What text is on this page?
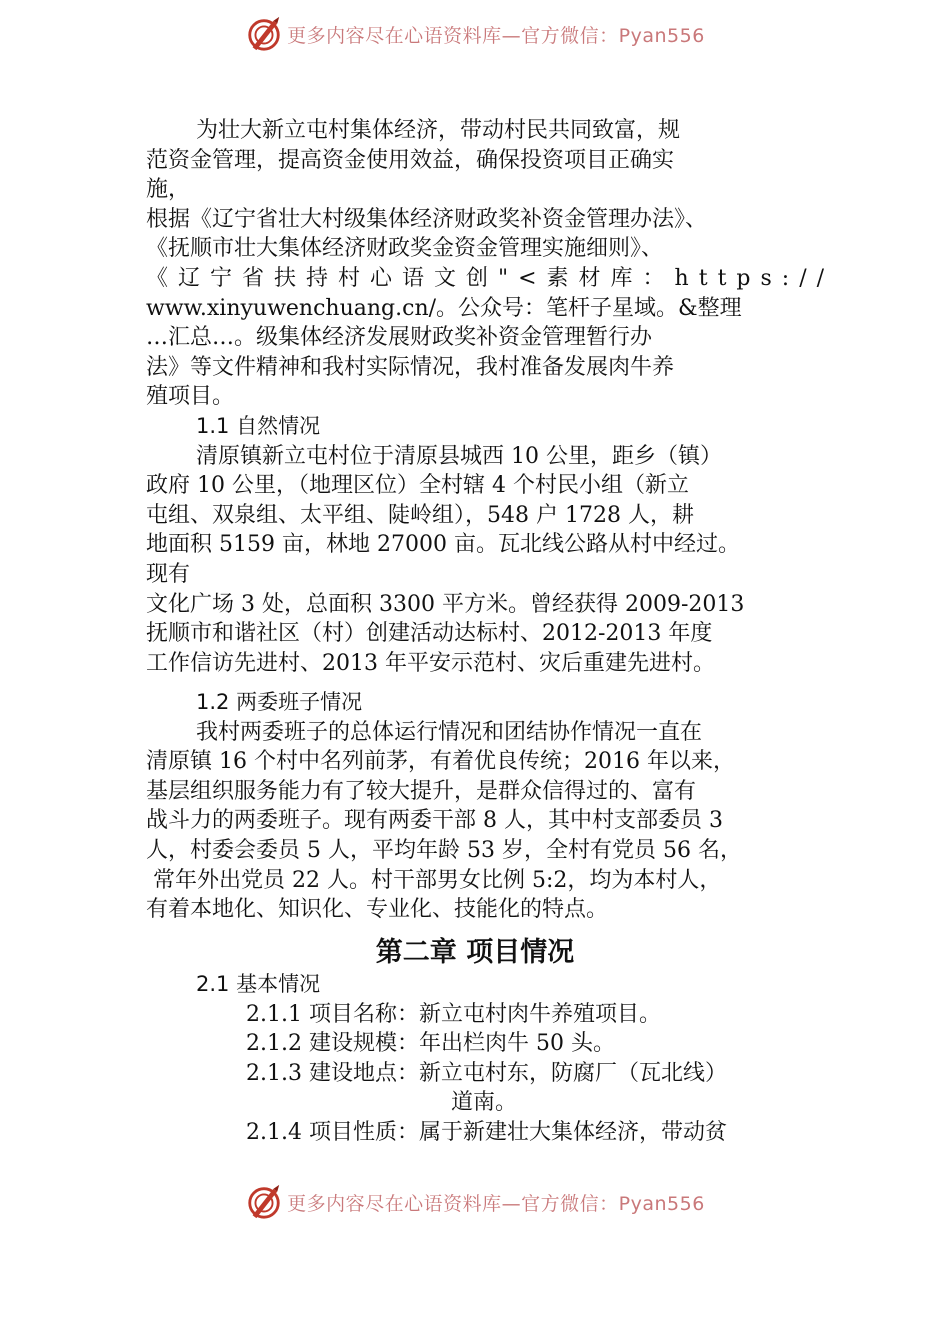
更多内容尽在心语资料库—官方微信：Pyan556
为壮大新立屯村集体经济，带动村民共同致富，规
范资金管理，提高资金使用效益，确保投资项目正确实
施，
根据《辽宁省壮大村级集体经济财政奖补资金管理办法》、
《抚顺市壮大集体经济财政奖金资金管理实施细则》、
《辽宁省扶持村心语文创"<素材库：https://
www.xinyuwenchuang.cn/。公众号：笔杆子星域。&整理
…汇总…。级集体经济发展财政奖补资金管理暂行办
法》等文件精神和我村实际情况，我村准备发展肉牛养
殖项目。
1.1 自然情况
清原镇新立屯村位于清原县城西 10 公里，距乡（镇）
政府 10 公里，（地理区位）全村辖 4 个村民小组（新立
屯组、双泉组、太平组、陡岭组），548 户 1728 人，耕
地面积 5159 亩，林地 27000 亩。瓦北线公路从村中经过。
现有
文化广场 3 处，总面积 3300 平方米。曾经获得 2009-2013
抚顺市和谐社区（村）创建活动达标村、2012-2013 年度
工作信访先进村、2013 年平安示范村、灾后重建先进村。
1.2 两委班子情况
我村两委班子的总体运行情况和团结协作情况一直在
清原镇 16 个村中名列前茅，有着优良传统；2016 年以来，
基层组织服务能力有了较大提升，是群众信得过的、富有
战斗力的两委班子。现有两委干部 8 人，其中村支部委员 3
人，村委会委员 5 人，平均年龄 53 岁，全村有党员 56 名，
常年外出党员 22 人。村干部男女比例 5:2，均为本村人，
有着本地化、知识化、专业化、技能化的特点。
第二章 项目情况
2.1 基本情况
2.1.1 项目名称：新立屯村肉牛养殖项目。
2.1.2 建设规模：年出栏肉牛 50 头。
2.1.3 建设地点：新立屯村东，防腐厂（瓦北线）
道南。
2.1.4 项目性质：属于新建壮大集体经济，带动贫
更多内容尽在心语资料库—官方微信：Pyan556
